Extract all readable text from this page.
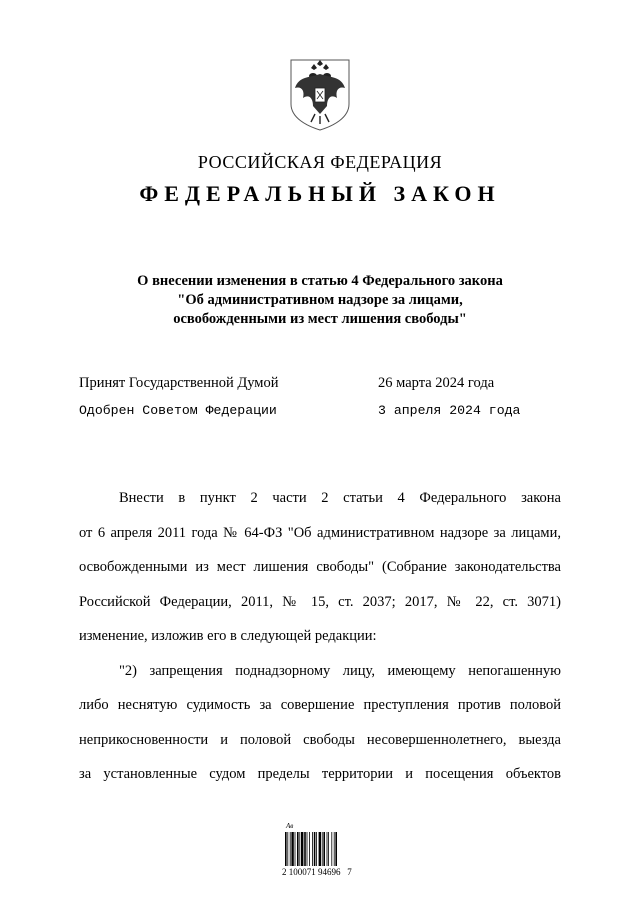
РОССИЙСКАЯ ФЕДЕРАЦИЯ
ФЕДЕРАЛЬНЫЙ ЗАКОН
О внесении изменения в статью 4 Федерального закона
"Об административном надзоре за лицами,
освобожденными из мест лишения свободы"
Принят Государственной Думой	26 марта 2024 года
Одобрен Советом Федерации	3 апреля 2024 года

Внести в пункт 2 части 2 статьи 4 Федерального закона

от 6 апреля 2011 года № 64-ФЗ "Об административном надзоре за лицами,

освобожденными из мест лишения свободы" (Собрание законодательства

Российской Федерации, 2011, № 15, ст. 2037; 2017, № 22, ст. 3071)

изменение, изложив его в следующей редакции:

"2) запрещения поднадзорному лицу, имеющему непогашенную

либо неснятую судимость за совершение преступления против половой

неприкосновенности и половой свободы несовершеннолетнего, выезда

за установленные судом пределы территории и посещения объектов

Ав
2 100071 94696   7
